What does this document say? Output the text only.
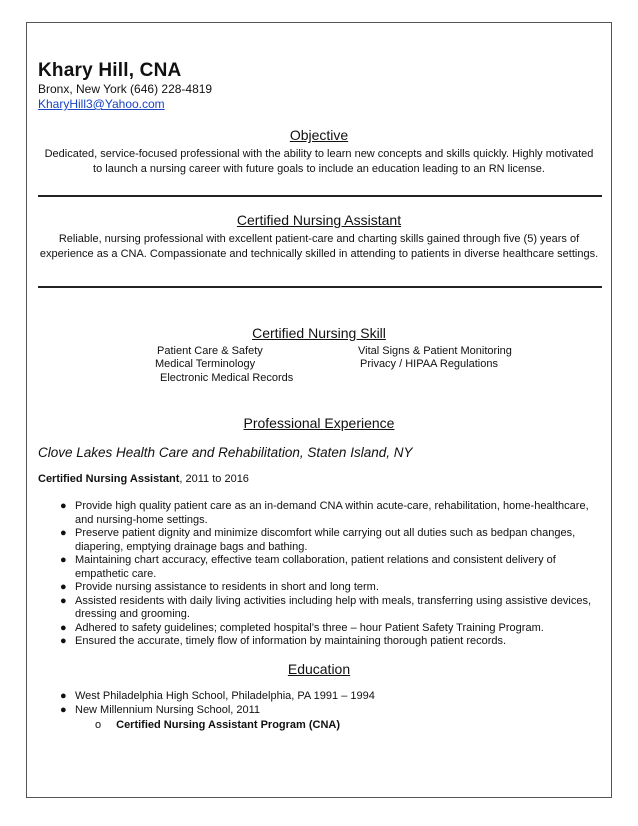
Khary Hill, CNA
Bronx, New York (646) 228-4819
KharyHill3@Yahoo.com
Objective
Dedicated, service-focused professional with the ability to learn new concepts and skills quickly. Highly motivated
to launch a nursing career with future goals to include an education leading to an RN license.
Certified Nursing Assistant
Reliable, nursing professional with excellent patient-care and charting skills gained through five (5) years of
experience as a CNA. Compassionate and technically skilled in attending to patients in diverse healthcare settings.
Certified Nursing Skill
Patient Care & Safety
Medical Terminology
Electronic Medical Records
Vital Signs & Patient Monitoring
Privacy / HIPAA Regulations
Professional Experience
Clove Lakes Health Care and Rehabilitation, Staten Island, NY
Certified Nursing Assistant, 2011 to 2016
● Provide high quality patient care as an in-demand CNA within acute-care, rehabilitation, home-healthcare, and nursing-home settings.
● Preserve patient dignity and minimize discomfort while carrying out all duties such as bedpan changes, diapering, emptying drainage bags and bathing.
● Maintaining chart accuracy, effective team collaboration, patient relations and consistent delivery of empathetic care.
● Provide nursing assistance to residents in short and long term.
● Assisted residents with daily living activities including help with meals, transferring using assistive devices, dressing and grooming.
● Adhered to safety guidelines; completed hospital’s three – hour Patient Safety Training Program.
● Ensured the accurate, timely flow of information by maintaining thorough patient records.
Education
● West Philadelphia High School, Philadelphia, PA 1991 – 1994
● New Millennium Nursing School, 2011
o Certified Nursing Assistant Program (CNA)
